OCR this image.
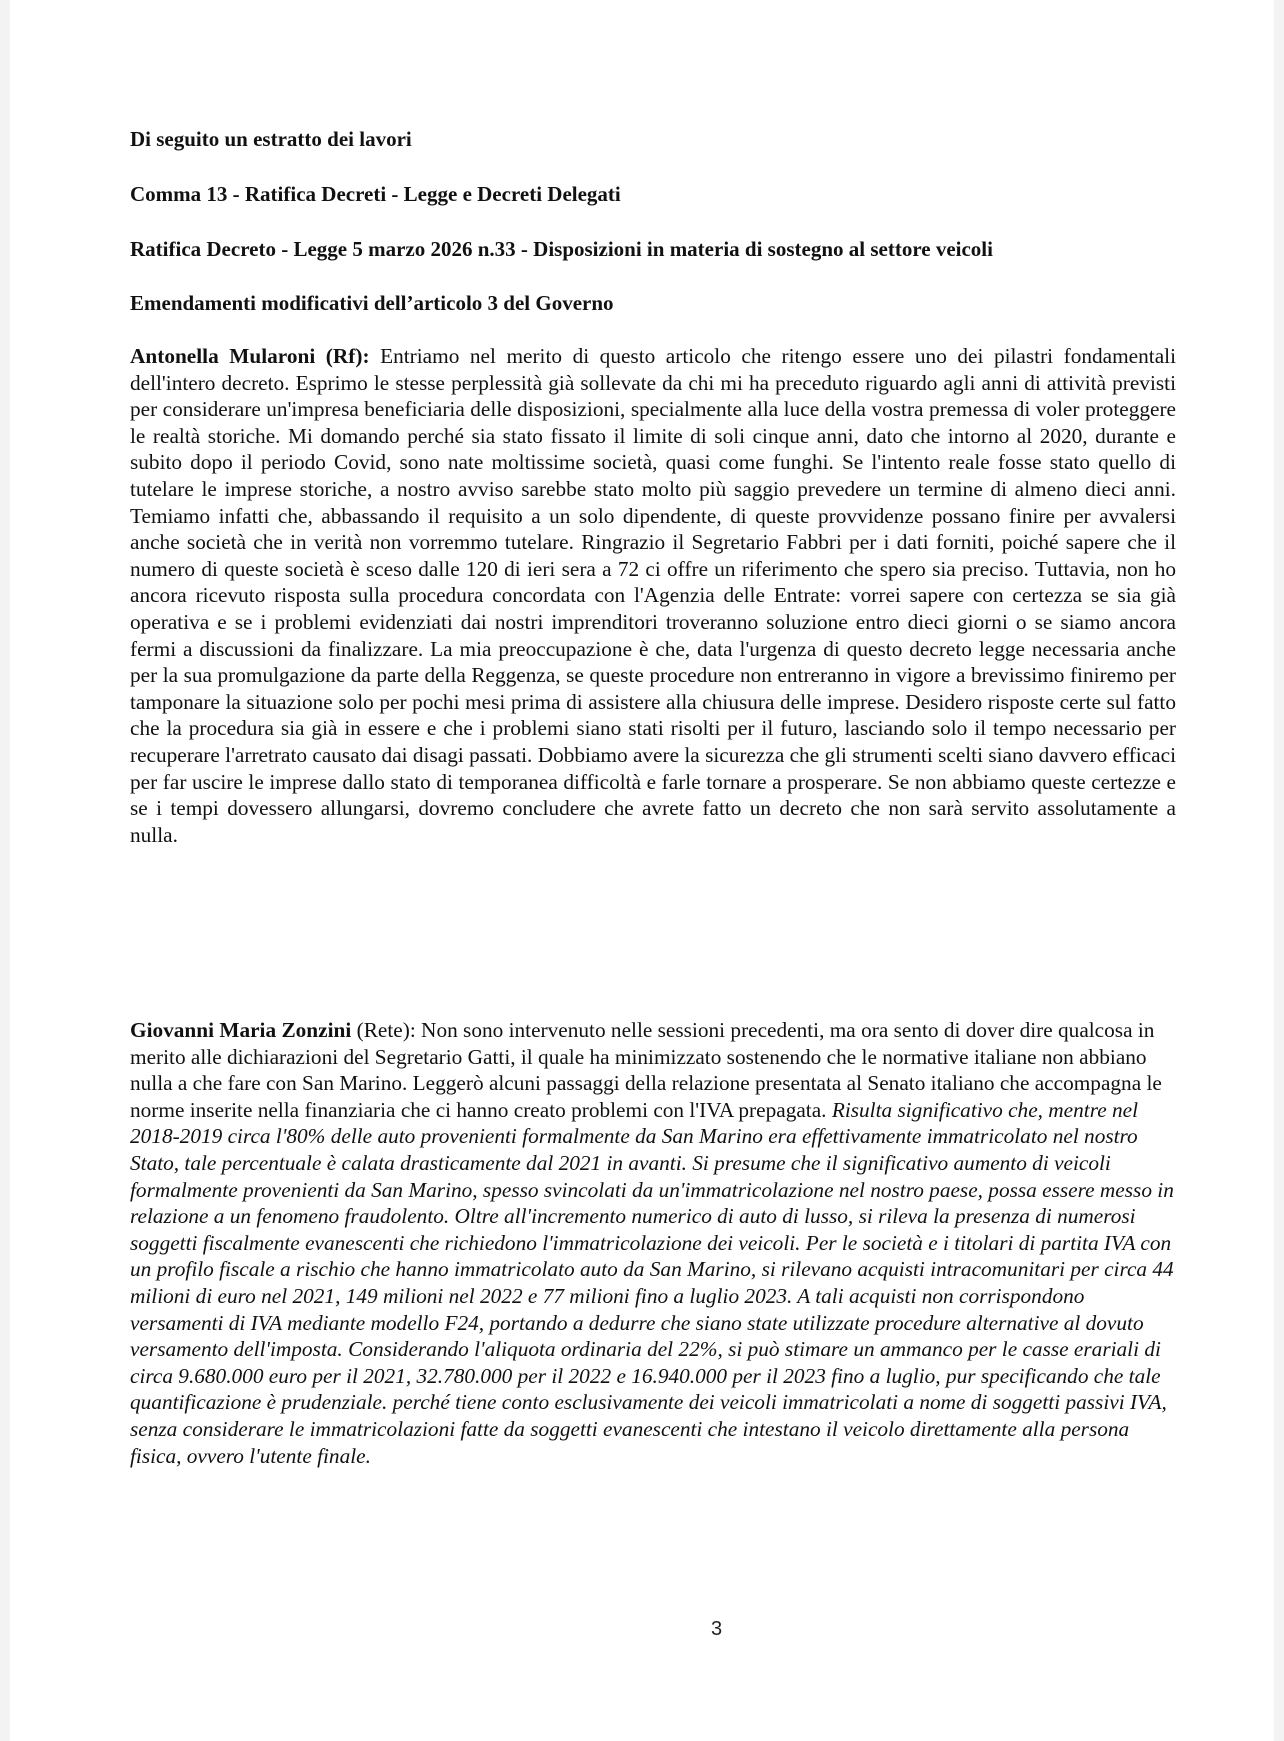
Di seguito un estratto dei lavori
Comma 13 - Ratifica Decreti - Legge e Decreti Delegati
Ratifica Decreto - Legge 5 marzo 2026 n.33 - Disposizioni in materia di sostegno al settore veicoli
Emendamenti modificativi dell’articolo 3 del Governo

Antonella Mularoni (Rf): Entriamo nel merito di questo articolo che ritengo essere uno dei pilastri fondamentali dell'intero decreto. Esprimo le stesse perplessità già sollevate da chi mi ha preceduto riguardo agli anni di attività previsti per considerare un'impresa beneficiaria delle disposizioni, specialmente alla luce della vostra premessa di voler proteggere le realtà storiche. Mi domando perché sia stato fissato il limite di soli cinque anni, dato che intorno al 2020, durante e subito dopo il periodo Covid, sono nate moltissime società, quasi come funghi. Se l'intento reale fosse stato quello di tutelare le imprese storiche, a nostro avviso sarebbe stato molto più saggio prevedere un termine di almeno dieci anni. Temiamo infatti che, abbassando il requisito a un solo dipendente, di queste provvidenze possano finire per avvalersi anche società che in verità non vorremmo tutelare. Ringrazio il Segretario Fabbri per i dati forniti, poiché sapere che il numero di queste società è sceso dalle 120 di ieri sera a 72 ci offre un riferimento che spero sia preciso. Tuttavia, non ho ancora ricevuto risposta sulla procedura concordata con l'Agenzia delle Entrate: vorrei sapere con certezza se sia già operativa e se i problemi evidenziati dai nostri imprenditori troveranno soluzione entro dieci giorni o se siamo ancora fermi a discussioni da finalizzare. La mia preoccupazione è che, data l'urgenza di questo decreto legge necessaria anche per la sua promulgazione da parte della Reggenza, se queste procedure non entreranno in vigore a brevissimo finiremo per tamponare la situazione solo per pochi mesi prima di assistere alla chiusura delle imprese. Desidero risposte certe sul fatto che la procedura sia già in essere e che i problemi siano stati risolti per il futuro, lasciando solo il tempo necessario per recuperare l'arretrato causato dai disagi passati. Dobbiamo avere la sicurezza che gli strumenti scelti siano davvero efficaci per far uscire le imprese dallo stato di temporanea difficoltà e farle tornare a prosperare. Se non abbiamo queste certezze e se i tempi dovessero allungarsi, dovremo concludere che avrete fatto un decreto che non sarà servito assolutamente a nulla.

Giovanni Maria Zonzini (Rete): Non sono intervenuto nelle sessioni precedenti, ma ora sento di dover dire qualcosa in merito alle dichiarazioni del Segretario Gatti, il quale ha minimizzato sostenendo che le normative italiane non abbiano nulla a che fare con San Marino. Leggerò alcuni passaggi della relazione presentata al Senato italiano che accompagna le norme inserite nella finanziaria che ci hanno creato problemi con l'IVA prepagata. Risulta significativo che, mentre nel 2018-2019 circa l'80% delle auto provenienti formalmente da San Marino era effettivamente immatricolato nel nostro Stato, tale percentuale è calata drasticamente dal 2021 in avanti. Si presume che il significativo aumento di veicoli formalmente provenienti da San Marino, spesso svincolati da un'immatricolazione nel nostro paese, possa essere messo in relazione a un fenomeno fraudolento. Oltre all'incremento numerico di auto di lusso, si rileva la presenza di numerosi soggetti fiscalmente evanescenti che richiedono l'immatricolazione dei veicoli. Per le società e i titolari di partita IVA con un profilo fiscale a rischio che hanno immatricolato auto da San Marino, si rilevano acquisti intracomunitari per circa 44 milioni di euro nel 2021, 149 milioni nel 2022 e 77 milioni fino a luglio 2023. A tali acquisti non corrispondono versamenti di IVA mediante modello F24, portando a dedurre che siano state utilizzate procedure alternative al dovuto versamento dell'imposta. Considerando l'aliquota ordinaria del 22%, si può stimare un ammanco per le casse erariali di circa 9.680.000 euro per il 2021, 32.780.000 per il 2022 e 16.940.000 per il 2023 fino a luglio, pur specificando che tale quantificazione è prudenziale. perché tiene conto esclusivamente dei veicoli immatricolati a nome di soggetti passivi IVA, senza considerare le immatricolazioni fatte da soggetti evanescenti che intestano il veicolo direttamente alla persona fisica, ovvero l'utente finale.

3
